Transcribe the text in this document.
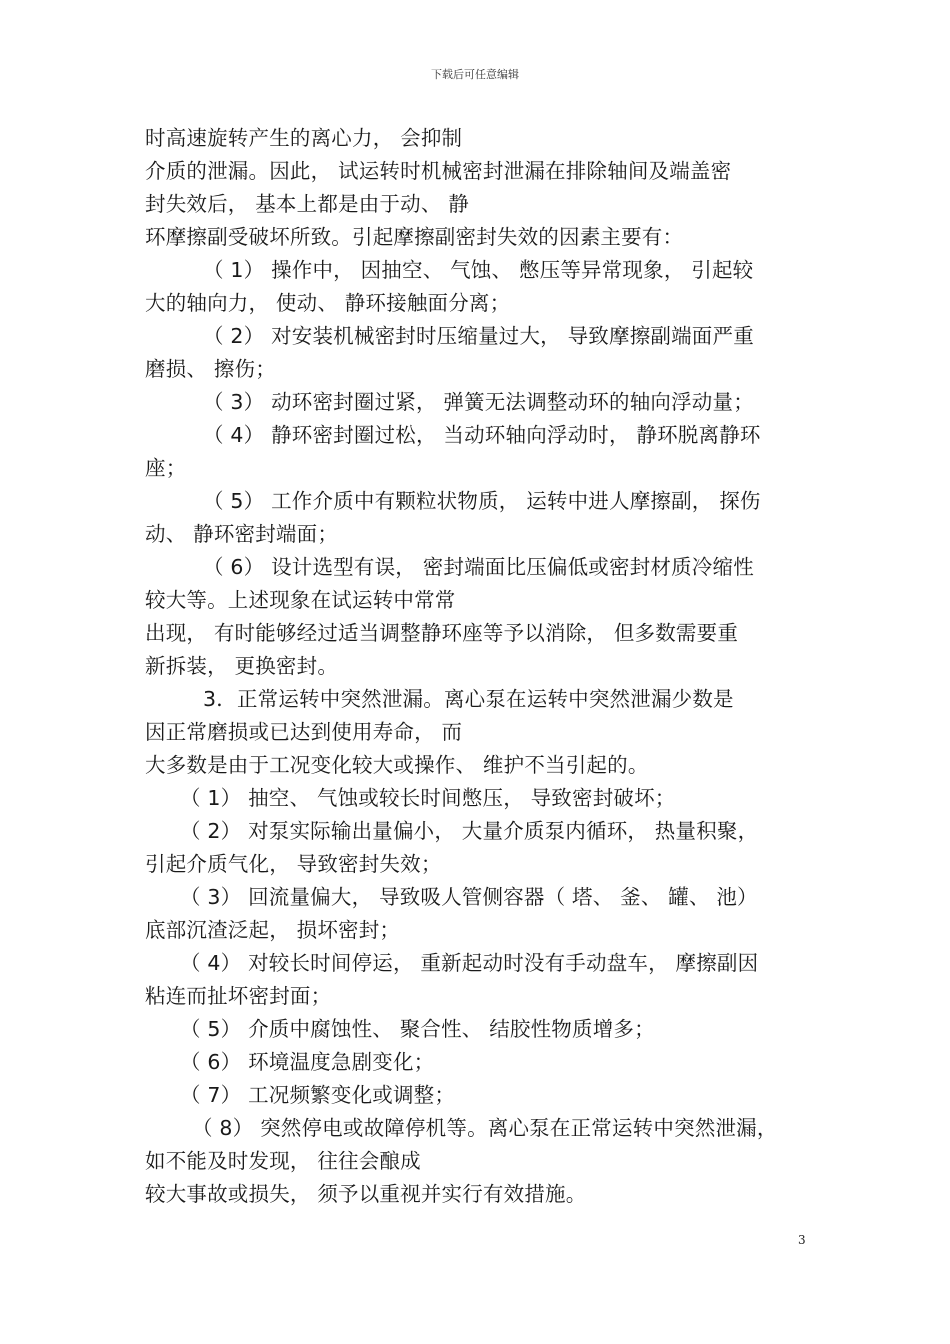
下载后可任意编辑
时高速旋转产生的离心力， 会抑制
介质的泄漏。因此， 试运转时机械密封泄漏在排除轴间及端盖密
封失效后， 基本上都是由于动、 静
环摩擦副受破坏所致。引起摩擦副密封失效的因素主要有：
（ 1） 操作中， 因抽空、 气蚀、 憋压等异常现象， 引起较
大的轴向力， 使动、 静环接触面分离；
（ 2） 对安装机械密封时压缩量过大， 导致摩擦副端面严重
磨损、 擦伤；
（ 3） 动环密封圈过紧， 弹簧无法调整动环的轴向浮动量；
（ 4） 静环密封圈过松， 当动环轴向浮动时， 静环脱离静环
座；
（ 5） 工作介质中有颗粒状物质， 运转中进人摩擦副， 探伤
动、 静环密封端面；
（ 6） 设计选型有误， 密封端面比压偏低或密封材质冷缩性
较大等。上述现象在试运转中常常
出现， 有时能够经过适当调整静环座等予以消除， 但多数需要重
新拆装， 更换密封。
3．正常运转中突然泄漏。离心泵在运转中突然泄漏少数是
因正常磨损或已达到使用寿命， 而
大多数是由于工况变化较大或操作、 维护不当引起的。
（ 1） 抽空、 气蚀或较长时间憋压， 导致密封破坏；
（ 2） 对泵实际输出量偏小， 大量介质泵内循环， 热量积聚，
引起介质气化， 导致密封失效；
（ 3） 回流量偏大， 导致吸人管侧容器（ 塔、 釜、 罐、 池）
底部沉渣泛起， 损坏密封；
（ 4） 对较长时间停运， 重新起动时没有手动盘车， 摩擦副因
粘连而扯坏密封面；
（ 5） 介质中腐蚀性、 聚合性、 结胶性物质增多；
（ 6） 环境温度急剧变化；
（ 7） 工况频繁变化或调整；
（ 8） 突然停电或故障停机等。离心泵在正常运转中突然泄漏，
如不能及时发现， 往往会酿成
较大事故或损失， 须予以重视并实行有效措施。
3
